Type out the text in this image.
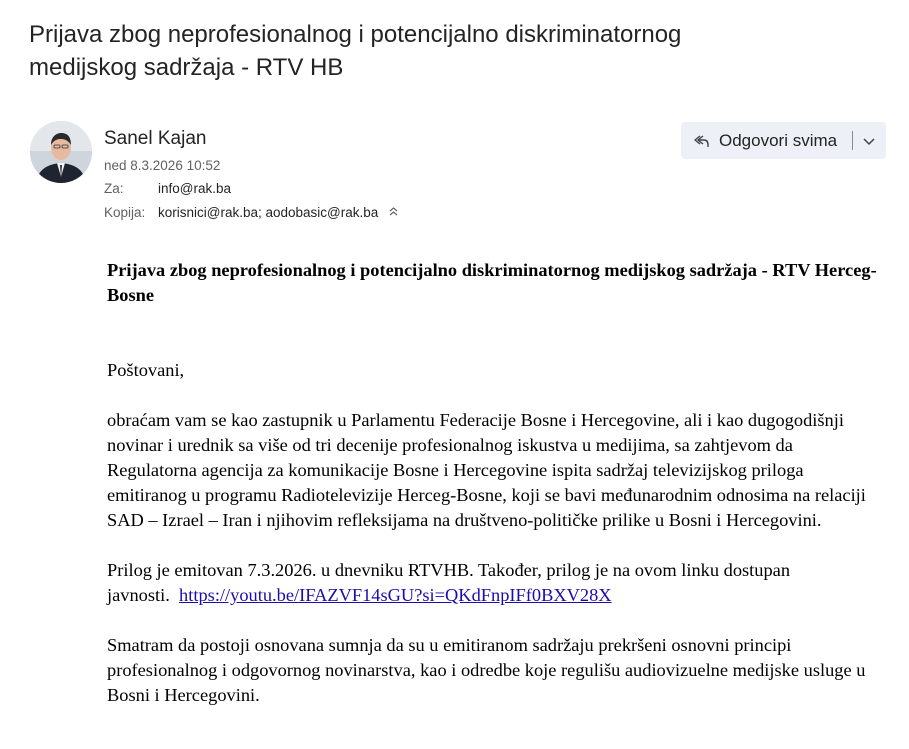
Prijava zbog neprofesionalnog i potencijalno diskriminatornog medijskog sadržaja - RTV HB
Sanel Kajan
ned 8.3.2026 10:52
Za:	info@rak.ba
Kopija: korisnici@rak.ba; aodobasic@rak.ba
Odgovori svima

Prijava zbog neprofesionalnog i potencijalno diskriminatornog medijskog sadržaja - RTV Herceg-Bosne

Poštovani,

obraćam vam se kao zastupnik u Parlamentu Federacije Bosne i Hercegovine, ali i kao dugogodišnji novinar i urednik sa više od tri decenije profesionalnog iskustva u medijima, sa zahtjevom da Regulatorna agencija za komunikacije Bosne i Hercegovine ispita sadržaj televizijskog priloga emitiranog u programu Radiotelevizije Herceg-Bosne, koji se bavi međunarodnim odnosima na relaciji SAD – Izrael – Iran i njihovim refleksijama na društveno-političke prilike u Bosni i Hercegovini.

Prilog je emitovan 7.3.2026. u dnevniku RTVHB. Također, prilog je na ovom linku dostupan javnosti. https://youtu.be/IFAZVF14sGU?si=QKdFnpIFf0BXV28X

Smatram da postoji osnovana sumnja da su u emitiranom sadržaju prekršeni osnovni principi profesionalnog i odgovornog novinarstva, kao i odredbe koje regulišu audiovizuelne medijske usluge u Bosni i Hercegovini.
